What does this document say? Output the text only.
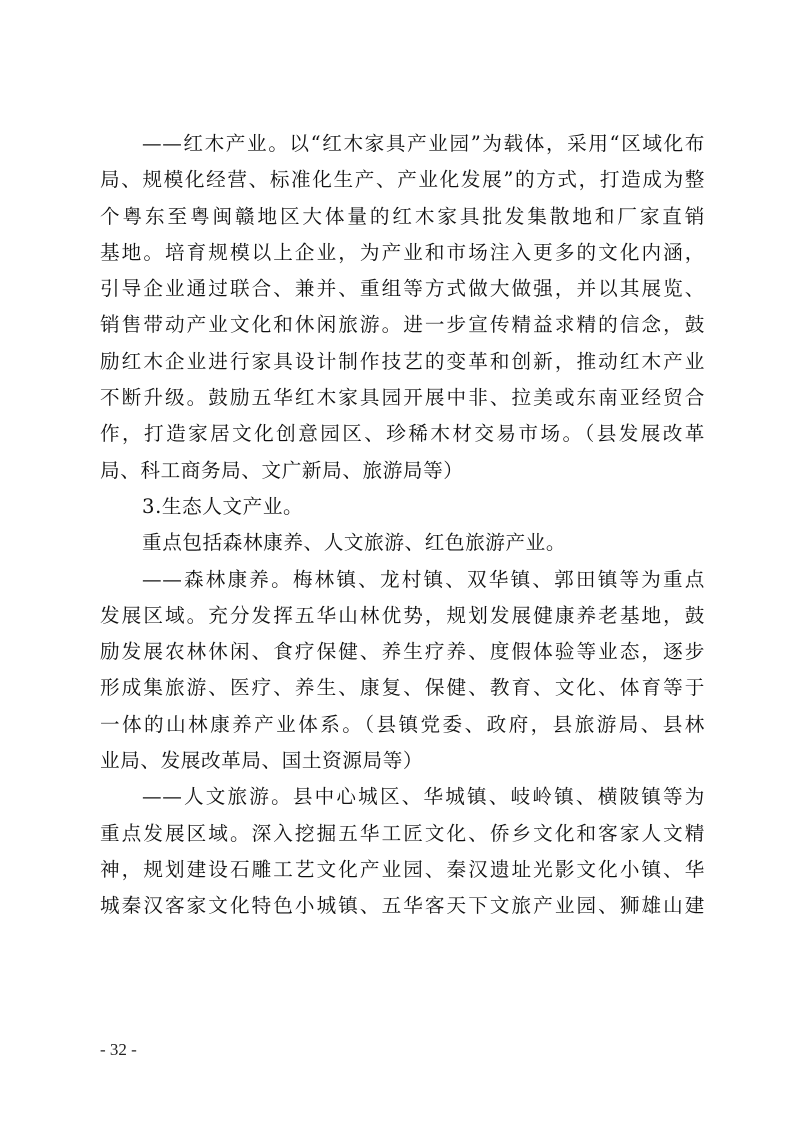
——红木产业。以“红木家具产业园”为载体，采用“区域化布
局、规模化经营、标准化生产、产业化发展”的方式，打造成为整
个粤东至粤闽赣地区大体量的红木家具批发集散地和厂家直销
基地。培育规模以上企业，为产业和市场注入更多的文化内涵，
引导企业通过联合、兼并、重组等方式做大做强，并以其展览、
销售带动产业文化和休闲旅游。进一步宣传精益求精的信念，鼓
励红木企业进行家具设计制作技艺的变革和创新，推动红木产业
不断升级。鼓励五华红木家具园开展中非、拉美或东南亚经贸合
作，打造家居文化创意园区、珍稀木材交易市场。（县发展改革
局、科工商务局、文广新局、旅游局等）
3.生态人文产业。
重点包括森林康养、人文旅游、红色旅游产业。
——森林康养。梅林镇、龙村镇、双华镇、郭田镇等为重点
发展区域。充分发挥五华山林优势，规划发展健康养老基地，鼓
励发展农林休闲、食疗保健、养生疗养、度假体验等业态，逐步
形成集旅游、医疗、养生、康复、保健、教育、文化、体育等于
一体的山林康养产业体系。（县镇党委、政府，县旅游局、县林
业局、发展改革局、国土资源局等）
——人文旅游。县中心城区、华城镇、岐岭镇、横陂镇等为
重点发展区域。深入挖掘五华工匠文化、侨乡文化和客家人文精
神，规划建设石雕工艺文化产业园、秦汉遗址光影文化小镇、华
城秦汉客家文化特色小城镇、五华客天下文旅产业园、狮雄山建
- 32 -
